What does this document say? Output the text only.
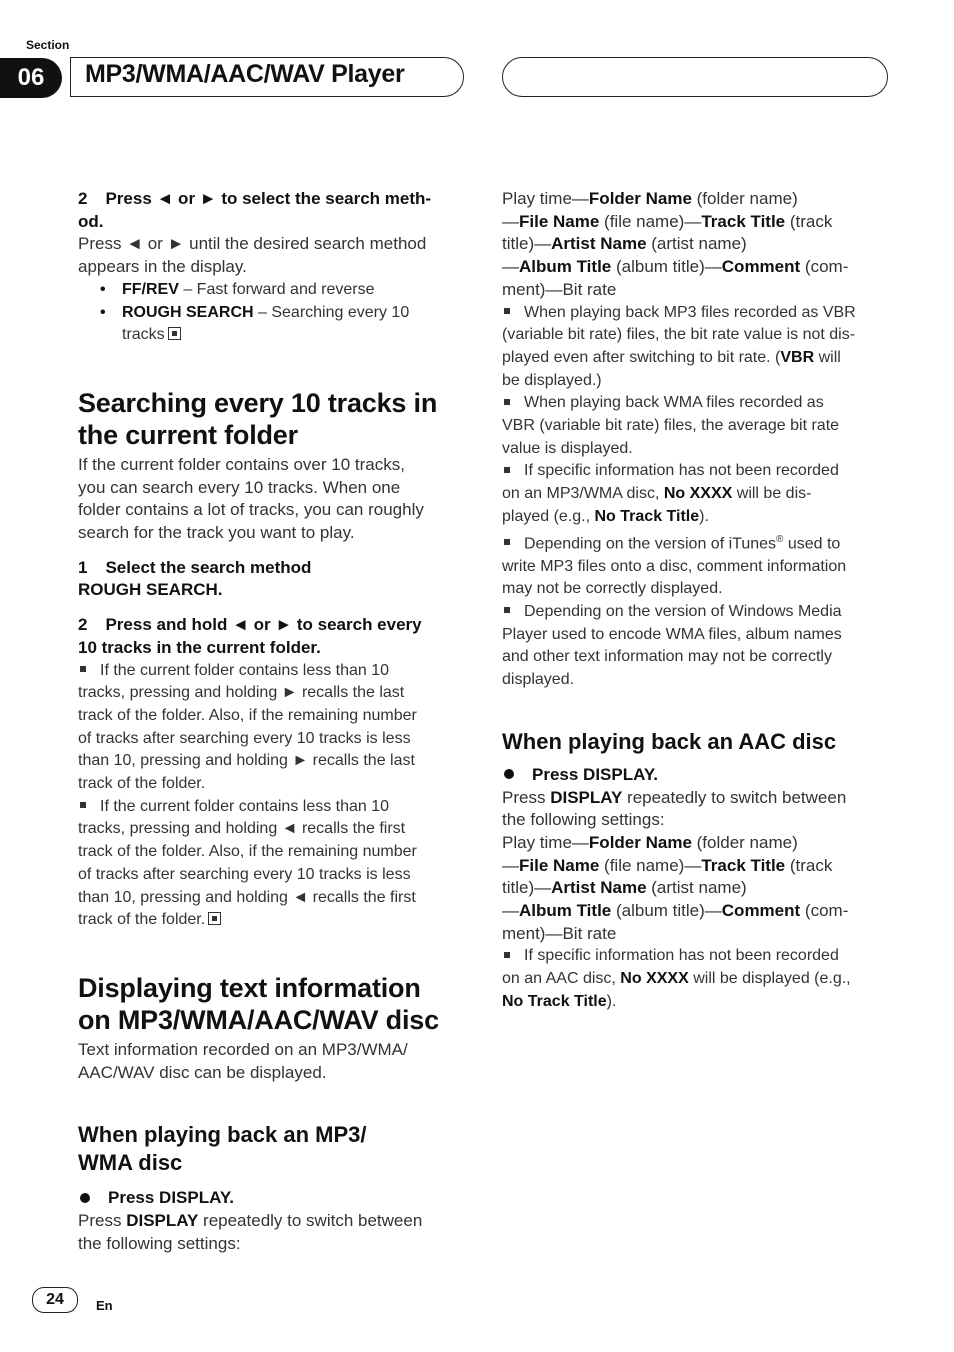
Section
06	MP3/WMA/AAC/WAV Player

2 Press ◄ or ► to select the search meth-
od.

Press ◄ or ► until the desired search method
appears in the display.

• FF/REV – Fast forward and reverse
• ROUGH SEARCH – Searching every 10
tracks
Searching every 10 tracks in
the current folder

If the current folder contains over 10 tracks,
you can search every 10 tracks. When one
folder contains a lot of tracks, you can roughly
search for the track you want to play.

1 Select the search method
ROUGH SEARCH.

2 Press and hold ◄ or ► to search every
10 tracks in the current folder.

If the current folder contains less than 10
tracks, pressing and holding ► recalls the last
track of the folder. Also, if the remaining number
of tracks after searching every 10 tracks is less
than 10, pressing and holding ► recalls the last
track of the folder.

If the current folder contains less than 10
tracks, pressing and holding ◄ recalls the first
track of the folder. Also, if the remaining number
of tracks after searching every 10 tracks is less
than 10, pressing and holding ◄ recalls the first
track of the folder.

Displaying text information
on MP3/WMA/AAC/WAV disc

Text information recorded on an MP3/WMA/
AAC/WAV disc can be displayed.

When playing back an MP3/
WMA disc

Press DISPLAY.

Press DISPLAY repeatedly to switch between
the following settings:

Play time—Folder Name (folder name)
—File Name (file name)—Track Title (track
title)—Artist Name (artist name)
—Album Title (album title)—Comment (com-
ment)—Bit rate

When playing back MP3 files recorded as VBR
(variable bit rate) files, the bit rate value is not dis-
played even after switching to bit rate. (VBR will
be displayed.)

When playing back WMA files recorded as
VBR (variable bit rate) files, the average bit rate
value is displayed.

If specific information has not been recorded
on an MP3/WMA disc, No XXXX will be dis-
played (e.g., No Track Title).

Depending on the version of iTunes® used to
write MP3 files onto a disc, comment information
may not be correctly displayed.

Depending on the version of Windows Media
Player used to encode WMA files, album names
and other text information may not be correctly
displayed.

When playing back an AAC disc

Press DISPLAY.

Press DISPLAY repeatedly to switch between
the following settings:
Play time—Folder Name (folder name)
—File Name (file name)—Track Title (track
title)—Artist Name (artist name)
—Album Title (album title)—Comment (com-
ment)—Bit rate

If specific information has not been recorded
on an AAC disc, No XXXX will be displayed (e.g.,
No Track Title).

24	En
